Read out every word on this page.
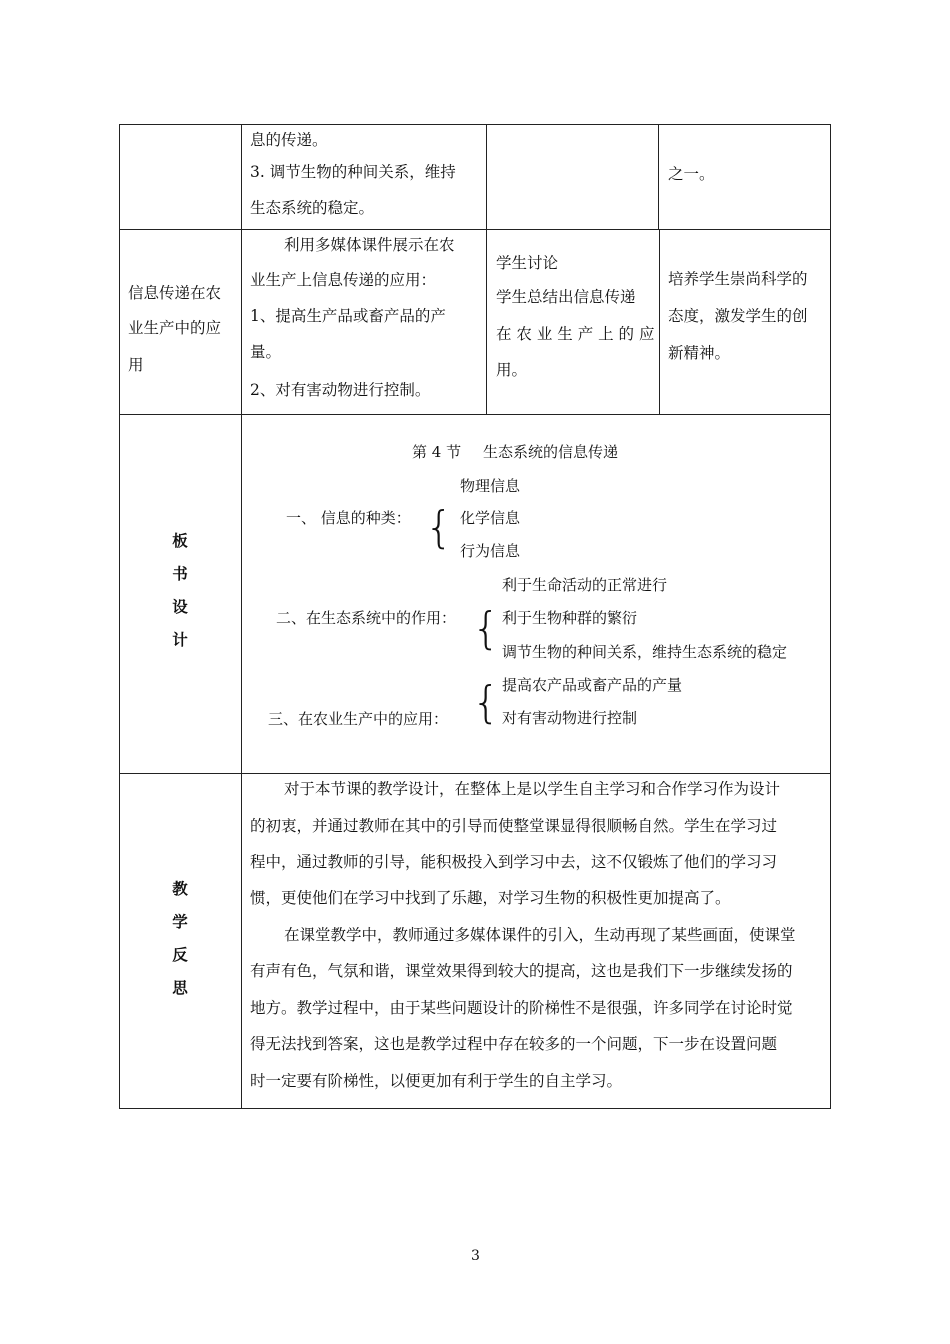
息的传递。
3. 调节生物的种间关系，维持
生态系统的稳定。
之一。
信息传递在农
业生产中的应
用
利用多媒体课件展示在农
业生产上信息传递的应用：
1、提高生产品或畜产品的产
量。
2、对有害动物进行控制。
学生讨论
学生总结出信息传递
在 农 业 生 产 上 的 应
用。
培养学生崇尚科学的
态度，激发学生的创
新精神。
板
书
设
计
第 4 节 生态系统的信息传递
物理信息
一、 信息的种类： { 化学信息
行为信息
利于生命活动的正常进行
二、在生态系统中的作用： { 利于生物种群的繁衍
调节生物的种间关系，维持生态系统的稳定
提高农产品或畜产品的产量
{
三、在农业生产中的应用：	对有害动物进行控制
教
学
反
思
对于本节课的教学设计，在整体上是以学生自主学习和合作学习作为设计
的初衷，并通过教师在其中的引导而使整堂课显得很顺畅自然。学生在学习过
程中，通过教师的引导，能积极投入到学习中去，这不仅锻炼了他们的学习习
惯，更使他们在学习中找到了乐趣，对学习生物的积极性更加提高了。
在课堂教学中，教师通过多媒体课件的引入，生动再现了某些画面，使课堂
有声有色，气氛和谐，课堂效果得到较大的提高，这也是我们下一步继续发扬的
地方。教学过程中，由于某些问题设计的阶梯性不是很强，许多同学在讨论时觉
得无法找到答案，这也是教学过程中存在较多的一个问题，下一步在设置问题
时一定要有阶梯性，以便更加有利于学生的自主学习。
3
